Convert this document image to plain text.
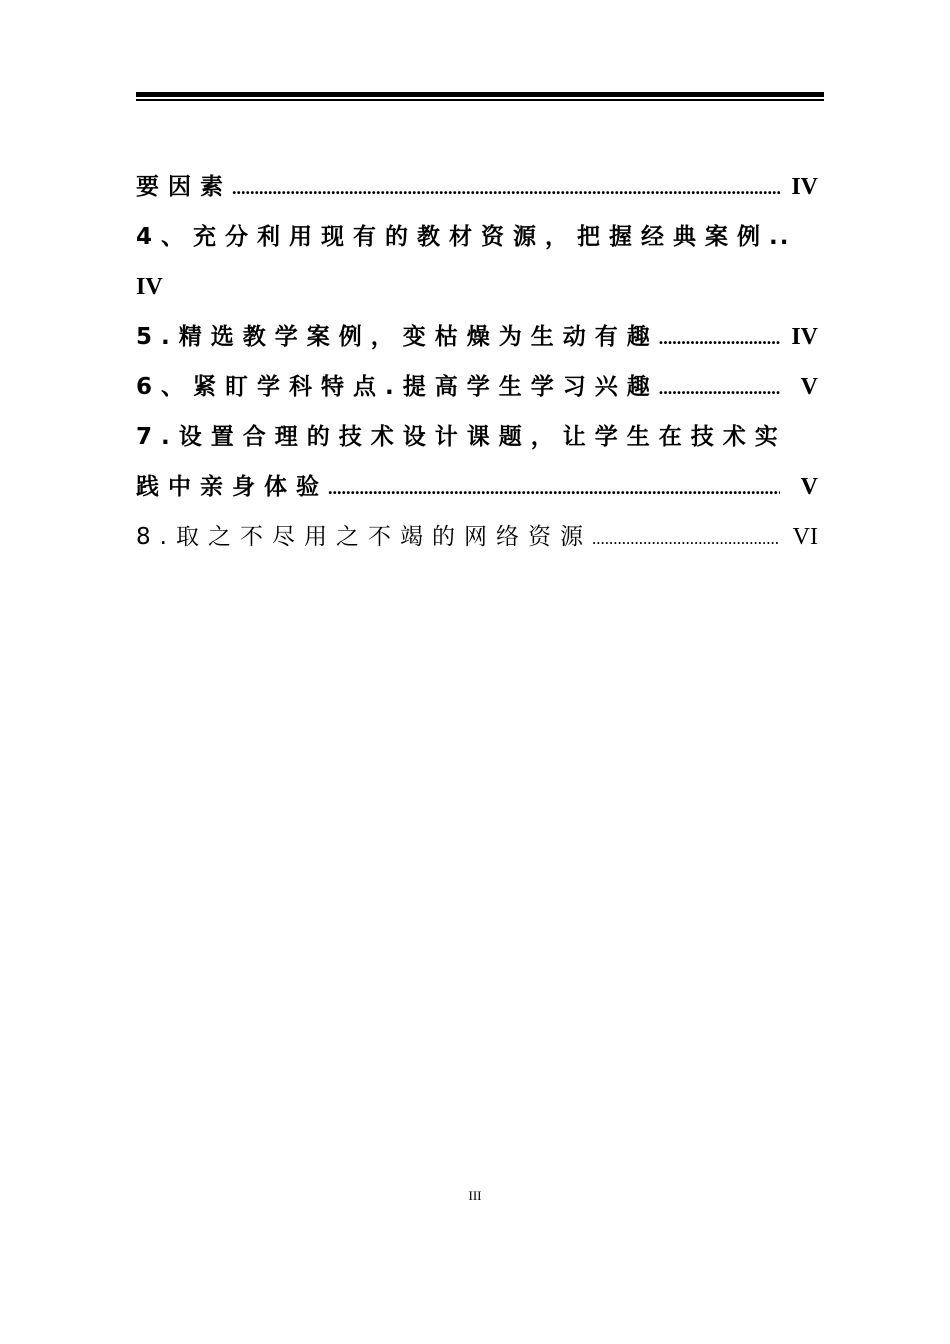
要因素 .....	IV
4、充分利用现有的教材资源，把握经典案例 ..
IV
5.精选教学案例，变枯燥为生动有趣 .....	IV
6、紧盯学科特点.提高学生学习兴趣 .....	V
7.设置合理的技术设计课题，让学生在技术实
践中亲身体验 .....	V
8.取之不尽用之不竭的网络资源 .....	VI
III
